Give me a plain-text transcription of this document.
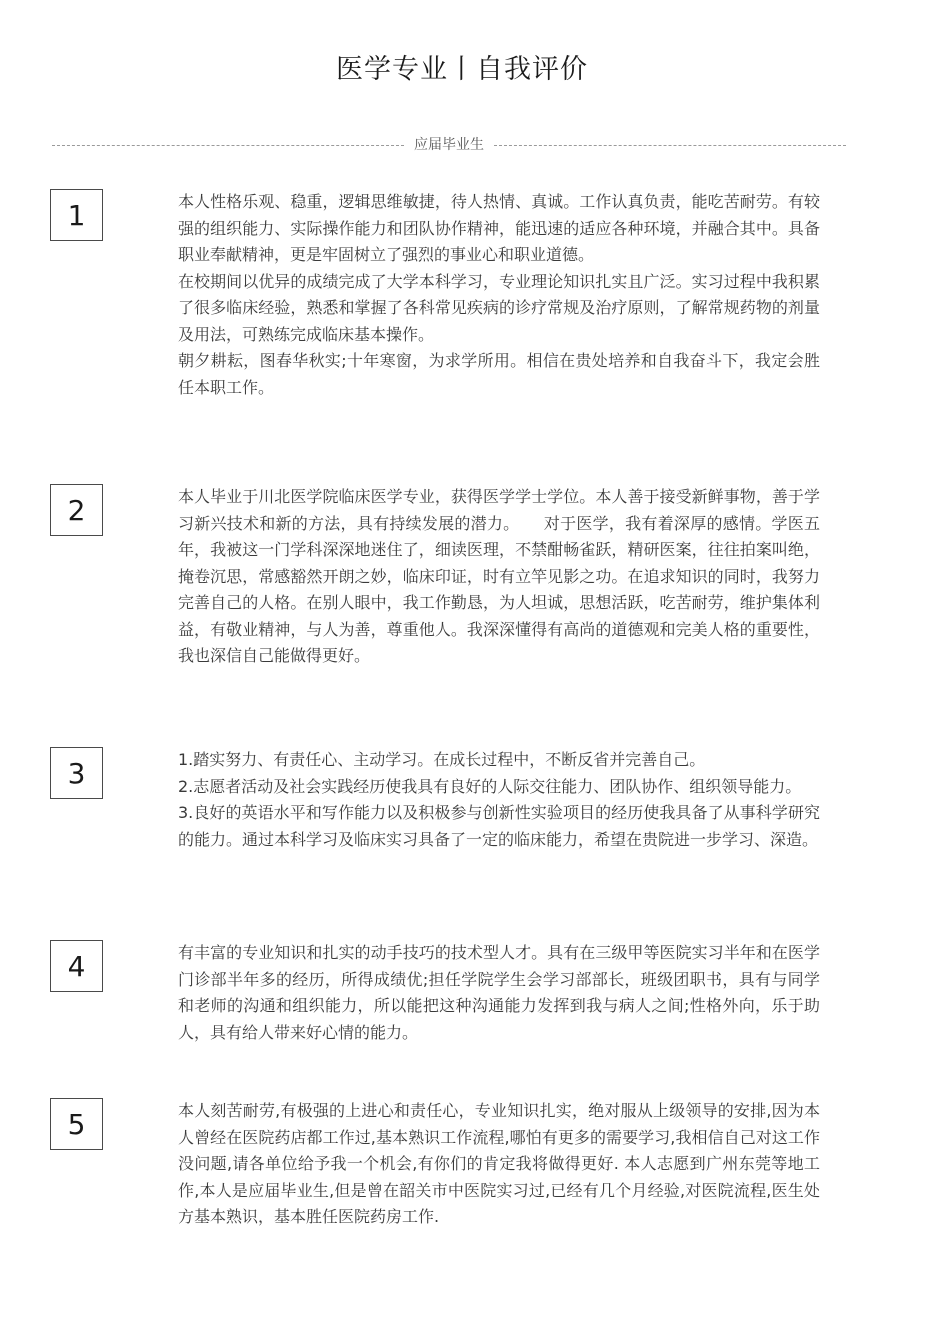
医学专业丨自我评价
应届毕业生
1	本人性格乐观、稳重，逻辑思维敏捷，待人热情、真诚。工作认真负责，能吃苦耐劳。有较强的组织能力、实际操作能力和团队协作精神，能迅速的适应各种环境，并融合其中。具备职业奉献精神，更是牢固树立了强烈的事业心和职业道德。

在校期间以优异的成绩完成了大学本科学习，专业理论知识扎实且广泛。实习过程中我积累了很多临床经验，熟悉和掌握了各科常见疾病的诊疗常规及治疗原则，了解常规药物的剂量及用法，可熟练完成临床基本操作。

朝夕耕耘，图春华秋实;十年寒窗，为求学所用。相信在贵处培养和自我奋斗下，我定会胜任本职工作。

2	本人毕业于川北医学院临床医学专业，获得医学学士学位。本人善于接受新鲜事物，善于学习新兴技术和新的方法，具有持续发展的潜力。　　对于医学，我有着深厚的感情。学医五年，我被这一门学科深深地迷住了，细读医理，不禁酣畅雀跃，精研医案，往往拍案叫绝，掩卷沉思，常感豁然开朗之妙，临床印证，时有立竿见影之功。在追求知识的同时，我努力完善自己的人格。在别人眼中，我工作勤恳，为人坦诚，思想活跃，吃苦耐劳，维护集体利益，有敬业精神，与人为善，尊重他人。我深深懂得有高尚的道德观和完美人格的重要性，我也深信自己能做得更好。

3	1.踏实努力、有责任心、主动学习。在成长过程中，不断反省并完善自己。

2.志愿者活动及社会实践经历使我具有良好的人际交往能力、团队协作、组织领导能力。

3.良好的英语水平和写作能力以及积极参与创新性实验项目的经历使我具备了从事科学研究的能力。通过本科学习及临床实习具备了一定的临床能力，希望在贵院进一步学习、深造。

4	有丰富的专业知识和扎实的动手技巧的技术型人才。具有在三级甲等医院实习半年和在医学门诊部半年多的经历，所得成绩优;担任学院学生会学习部部长，班级团职书，具有与同学和老师的沟通和组织能力，所以能把这种沟通能力发挥到我与病人之间;性格外向，乐于助人，具有给人带来好心情的能力。

5	本人刻苦耐劳,有极强的上进心和责任心，专业知识扎实，绝对服从上级领导的安排,因为本人曾经在医院药店都工作过,基本熟识工作流程,哪怕有更多的需要学习,我相信自己对这工作没问题,请各单位给予我一个机会,有你们的肯定我将做得更好. 本人志愿到广州东莞等地工作,本人是应届毕业生,但是曾在韶关市中医院实习过,已经有几个月经验,对医院流程,医生处方基本熟识，基本胜任医院药房工作.
